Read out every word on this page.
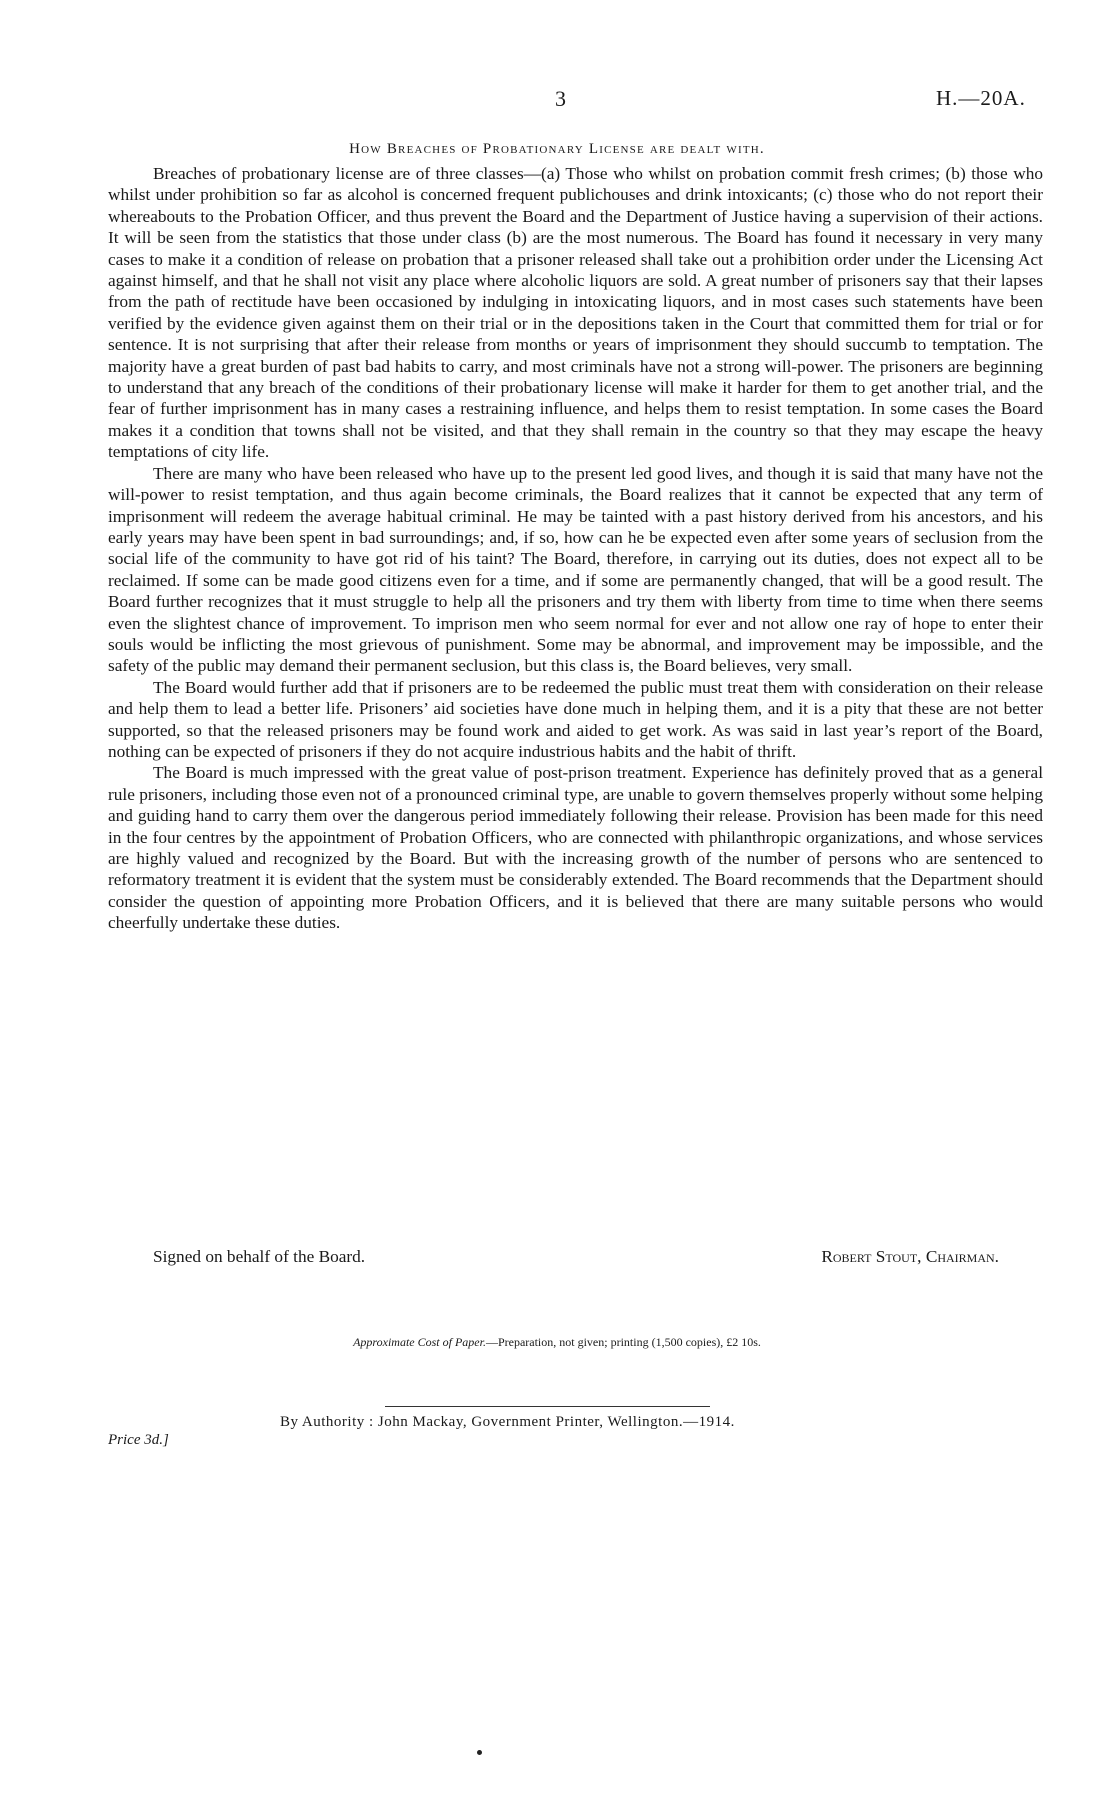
3	H.—20A.
How Breaches of Probationary License are dealt with.

Breaches of probationary license are of three classes—(a) Those who whilst on probation commit fresh crimes; (b) those who whilst under prohibition so far as alcohol is concerned frequent publichouses and drink intoxicants; (c) those who do not report their whereabouts to the Probation Officer, and thus prevent the Board and the Department of Justice having a supervision of their actions. It will be seen from the statistics that those under class (b) are the most numerous. The Board has found it necessary in very many cases to make it a condition of release on probation that a prisoner released shall take out a prohibition order under the Licensing Act against himself, and that he shall not visit any place where alcoholic liquors are sold. A great number of prisoners say that their lapses from the path of rectitude have been occasioned by indulging in intoxicating liquors, and in most cases such statements have been verified by the evidence given against them on their trial or in the depositions taken in the Court that committed them for trial or for sentence. It is not surprising that after their release from months or years of imprisonment they should succumb to temptation. The majority have a great burden of past bad habits to carry, and most criminals have not a strong will-power. The prisoners are beginning to understand that any breach of the conditions of their probationary license will make it harder for them to get another trial, and the fear of further imprisonment has in many cases a restraining influence, and helps them to resist temptation. In some cases the Board makes it a condition that towns shall not be visited, and that they shall remain in the country so that they may escape the heavy temptations of city life.

There are many who have been released who have up to the present led good lives, and though it is said that many have not the will-power to resist temptation, and thus again become criminals, the Board realizes that it cannot be expected that any term of imprisonment will redeem the average habitual criminal. He may be tainted with a past history derived from his ancestors, and his early years may have been spent in bad surroundings; and, if so, how can he be expected even after some years of seclusion from the social life of the community to have got rid of his taint? The Board, therefore, in carrying out its duties, does not expect all to be reclaimed. If some can be made good citizens even for a time, and if some are permanently changed, that will be a good result. The Board further recognizes that it must struggle to help all the prisoners and try them with liberty from time to time when there seems even the slightest chance of improvement. To imprison men who seem normal for ever and not allow one ray of hope to enter their souls would be inflicting the most grievous of punishment. Some may be abnormal, and improvement may be impossible, and the safety of the public may demand their permanent seclusion, but this class is, the Board believes, very small.

The Board would further add that if prisoners are to be redeemed the public must treat them with consideration on their release and help them to lead a better life. Prisoners’ aid societies have done much in helping them, and it is a pity that these are not better supported, so that the released prisoners may be found work and aided to get work. As was said in last year’s report of the Board, nothing can be expected of prisoners if they do not acquire industrious habits and the habit of thrift.

The Board is much impressed with the great value of post-prison treatment. Experience has definitely proved that as a general rule prisoners, including those even not of a pronounced criminal type, are unable to govern themselves properly without some helping and guiding hand to carry them over the dangerous period immediately following their release. Provision has been made for this need in the four centres by the appointment of Probation Officers, who are connected with philanthropic organizations, and whose services are highly valued and recognized by the Board. But with the increasing growth of the number of persons who are sentenced to reformatory treatment it is evident that the system must be considerably extended. The Board recommends that the Department should consider the question of appointing more Probation Officers, and it is believed that there are many suitable persons who would cheerfully undertake these duties.

Signed on behalf of the Board.	Robert Stout, Chairman.
Approximate Cost of Paper.—Preparation, not given; printing (1,500 copies), £2 10s.
Price 3d.]
By Authority : John Mackay, Government Printer, Wellington.—1914.
